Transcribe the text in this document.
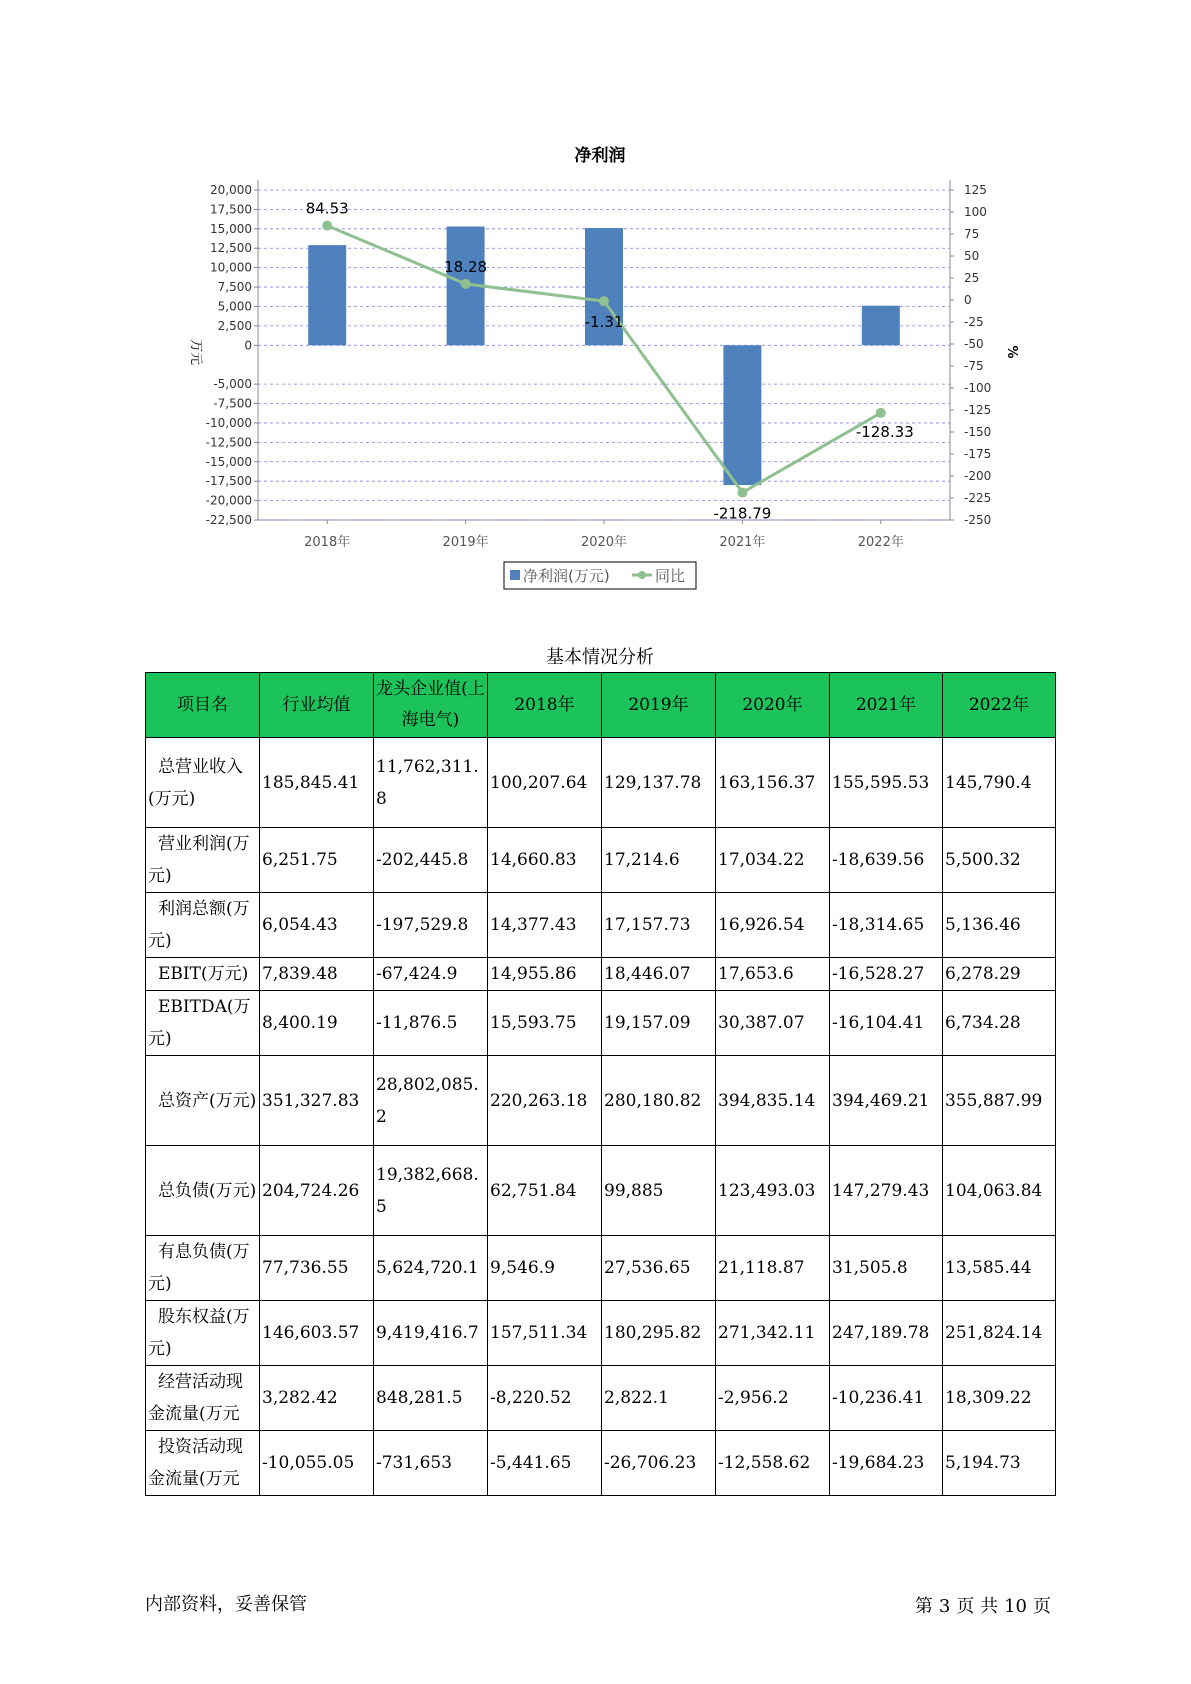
净利润
20,000
17,500
15,000
12,500
10,000
7,500
5,000
2,500
0
-5,000
-7,500
-10,000
-12,500
-15,000
-17,500
-20,000
-22,500
125
100
75
50
25
0
-25
-50
-75
-100
-125
-150
-175
-200
-225
-250
2018年	2019年	2020年	2021年	2022年
84.53
18.28
-1.31
-218.79
-128.33
万元	%
净利润(万元)	同比
基本情况分析
项目名	行业均值	龙头企业值(上海电气)	2018年	2019年	2020年	2021年	2022年
总营业收入(万元)	185,845.41	11,762,311.8	100,207.64	129,137.78	163,156.37	155,595.53	145,790.4
营业利润(万元)	6,251.75	-202,445.8	14,660.83	17,214.6	17,034.22	-18,639.56	5,500.32
利润总额(万元)	6,054.43	-197,529.8	14,377.43	17,157.73	16,926.54	-18,314.65	5,136.46
EBIT(万元)	7,839.48	-67,424.9	14,955.86	18,446.07	17,653.6	-16,528.27	6,278.29
EBITDA(万元)	8,400.19	-11,876.5	15,593.75	19,157.09	30,387.07	-16,104.41	6,734.28
总资产(万元)	351,327.83	28,802,085.2	220,263.18	280,180.82	394,835.14	394,469.21	355,887.99
总负债(万元)	204,724.26	19,382,668.5	62,751.84	99,885	123,493.03	147,279.43	104,063.84
有息负债(万元)	77,736.55	5,624,720.1	9,546.9	27,536.65	21,118.87	31,505.8	13,585.44
股东权益(万元)	146,603.57	9,419,416.7	157,511.34	180,295.82	271,342.11	247,189.78	251,824.14
经营活动现金流量(万元	3,282.42	848,281.5	-8,220.52	2,822.1	-2,956.2	-10,236.41	18,309.22
投资活动现金流量(万元	-10,055.05	-731,653	-5,441.65	-26,706.23	-12,558.62	-19,684.23	5,194.73
内部资料，妥善保管	第 3 页 共 10 页
